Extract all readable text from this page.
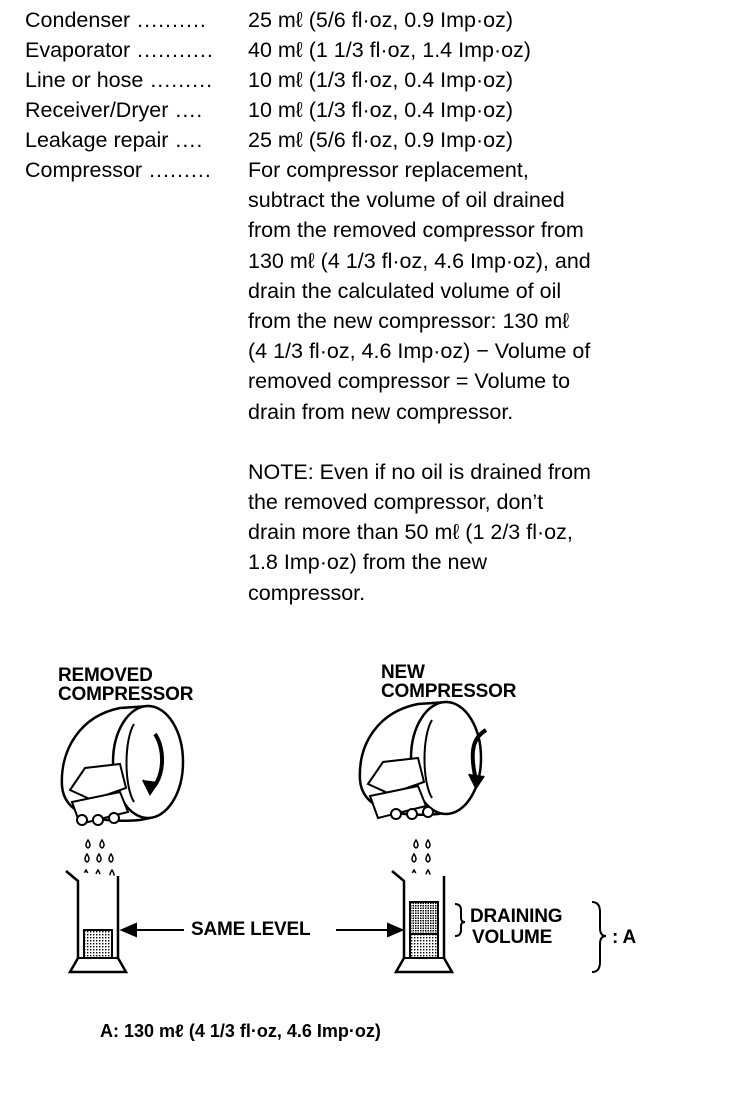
Condenser ..........	25 mℓ (5/6 fl·oz, 0.9 Imp·oz)
Evaporator ...........	40 mℓ (1 1/3 fl·oz, 1.4 Imp·oz)
Line or hose .........	10 mℓ (1/3 fl·oz, 0.4 Imp·oz)
Receiver/Dryer ....	10 mℓ (1/3 fl·oz, 0.4 Imp·oz)
Leakage repair ....	25 mℓ (5/6 fl·oz, 0.9 Imp·oz)
Compressor .........	For compressor replacement,

subtract the volume of oil drained

from the removed compressor from

130 mℓ (4 1/3 fl·oz, 4.6 Imp·oz), and

drain the calculated volume of oil

from the new compressor: 130 mℓ

(4 1/3 fl·oz, 4.6 Imp·oz) − Volume of

removed compressor = Volume to

drain from new compressor.

NOTE: Even if no oil is drained from

the removed compressor, don’t

drain more than 50 mℓ (1 2/3 fl·oz,

1.8 Imp·oz) from the new

compressor.

REMOVED
COMPRESSOR
NEW
COMPRESSOR
SAME LEVEL
DRAINING
VOLUME	: A
A: 130 mℓ (4 1/3 fl·oz, 4.6 Imp·oz)
